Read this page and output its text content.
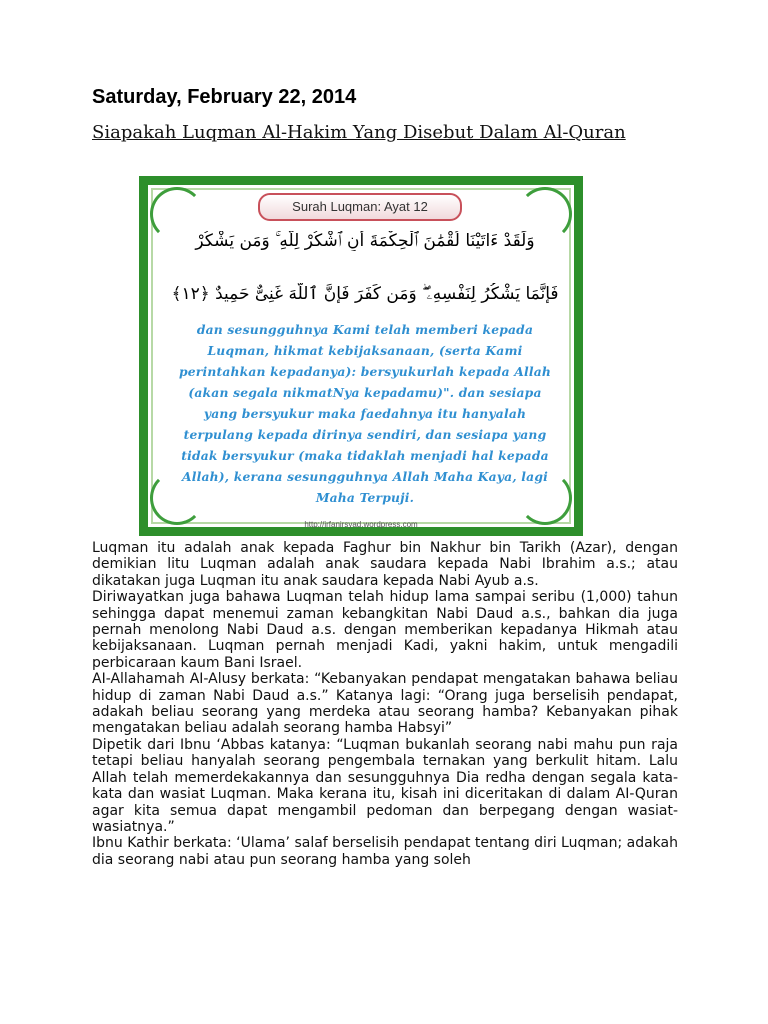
Saturday, February 22, 2014
Siapakah Luqman Al-Hakim Yang Disebut Dalam Al-Quran
Surah Luqman: Ayat 12
وَلَقَدْ ءَاتَيْنَا لُقْمَٰنَ ٱلْحِكْمَةَ أَنِ ٱشْكُرْ لِلَّهِ ۚ وَمَن يَشْكُرْ
فَإِنَّمَا يَشْكُرُ لِنَفْسِهِۦ ۖ وَمَن كَفَرَ فَإِنَّ ٱللَّهَ غَنِىٌّ حَمِيدٌ ﴿١٢﴾
dan sesungguhnya Kami telah memberi kepada Luqman, hikmat kebijaksanaan, (serta Kami perintahkan kepadanya): bersyukurlah kepada Allah (akan segala nikmatNya kepadamu)". dan sesiapa yang bersyukur maka faedahnya itu hanyalah terpulang kepada dirinya sendiri, dan sesiapa yang tidak bersyukur (maka tidaklah menjadi hal kepada Allah), kerana sesungguhnya Allah Maha Kaya, lagi Maha Terpuji.
http://irfanirsyad.wordpress.com

Luqman itu adalah anak kepada Faghur bin Nakhur bin Tarikh (Azar), dengan demikian litu Luqman adalah anak saudara kepada Nabi Ibrahim a.s.; atau dikatakan juga Luqman itu anak saudara kepada Nabi Ayub a.s.

Diriwayatkan juga bahawa Luqman telah hidup lama sampai seribu (1,000) tahun sehingga dapat menemui zaman kebangkitan Nabi Daud a.s., bahkan dia juga pernah menolong Nabi Daud a.s. dengan memberikan kepadanya Hikmah atau kebijaksanaan. Luqman pernah menjadi Kadi, yakni hakim, untuk mengadili perbicaraan kaum Bani Israel.

AI-Allahamah AI-Alusy berkata: “Kebanyakan pendapat mengatakan bahawa beliau hidup di zaman Nabi Daud a.s.” Katanya lagi: “Orang juga berselisih pendapat, adakah beliau seorang yang merdeka atau seorang hamba? Kebanyakan pihak mengatakan beliau adalah seorang hamba Habsyi”

Dipetik dari Ibnu ‘Abbas katanya: “Luqman bukanlah seorang nabi mahu pun raja tetapi beliau hanyalah seorang pengembala ternakan yang berkulit hitam. Lalu Allah telah memerdekakannya dan sesungguhnya Dia redha dengan segala kata-kata dan wasiat Luqman. Maka kerana itu, kisah ini diceritakan di dalam AI-Quran agar kita semua dapat mengambil pedoman dan berpegang dengan wasiat-wasiatnya.”

Ibnu Kathir berkata: ‘Ulama’ salaf berselisih pendapat tentang diri Luqman; adakah dia seorang nabi atau pun seorang hamba yang soleh
